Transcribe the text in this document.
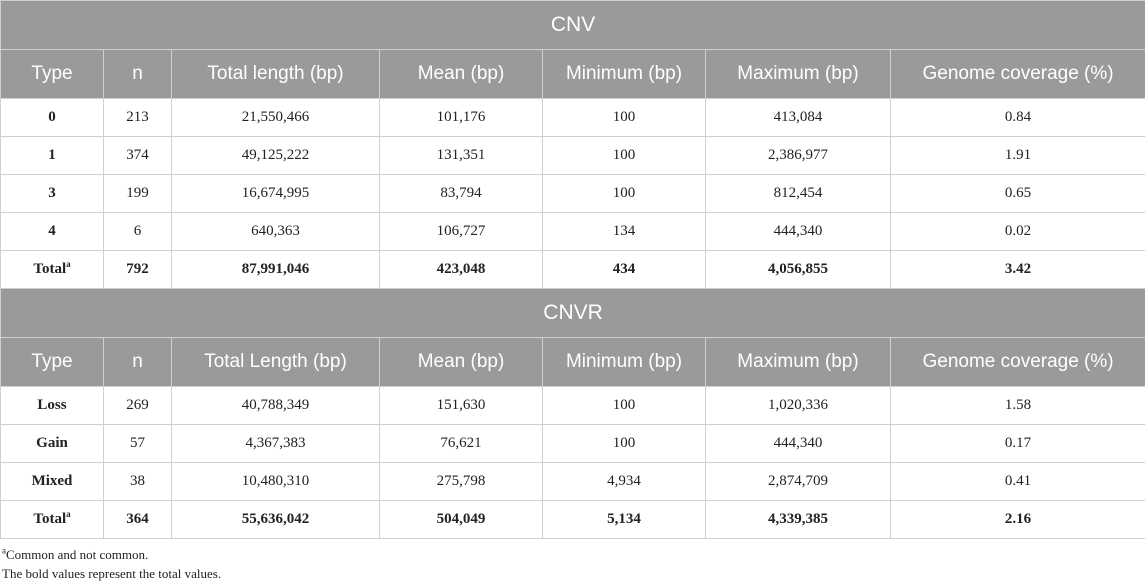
CNV						
Type	n	Total length (bp)	Mean (bp)	Minimum (bp)	Maximum (bp)	Genome coverage (%)
0	213	21,550,466	101,176	100	413,084	0.84
1	374	49,125,222	131,351	100	2,386,977	1.91
3	199	16,674,995	83,794	100	812,454	0.65
4	6	640,363	106,727	134	444,340	0.02
Total$^a$	792	87,991,046	423,048	434	4,056,855	3.42
CNVR						
Type	n	Total Length (bp)	Mean (bp)	Minimum (bp)	Maximum (bp)	Genome coverage (%)
Loss	269	40,788,349	151,630	100	1,020,336	1.58
Gain	57	4,367,383	76,621	100	444,340	0.17
Mixed	38	10,480,310	275,798	4,934	2,874,709	0.41
Total$^a$	364	55,636,042	504,049	5,134	4,339,385	2.16
$^a$Common and not common.
The bold values represent the total values.
